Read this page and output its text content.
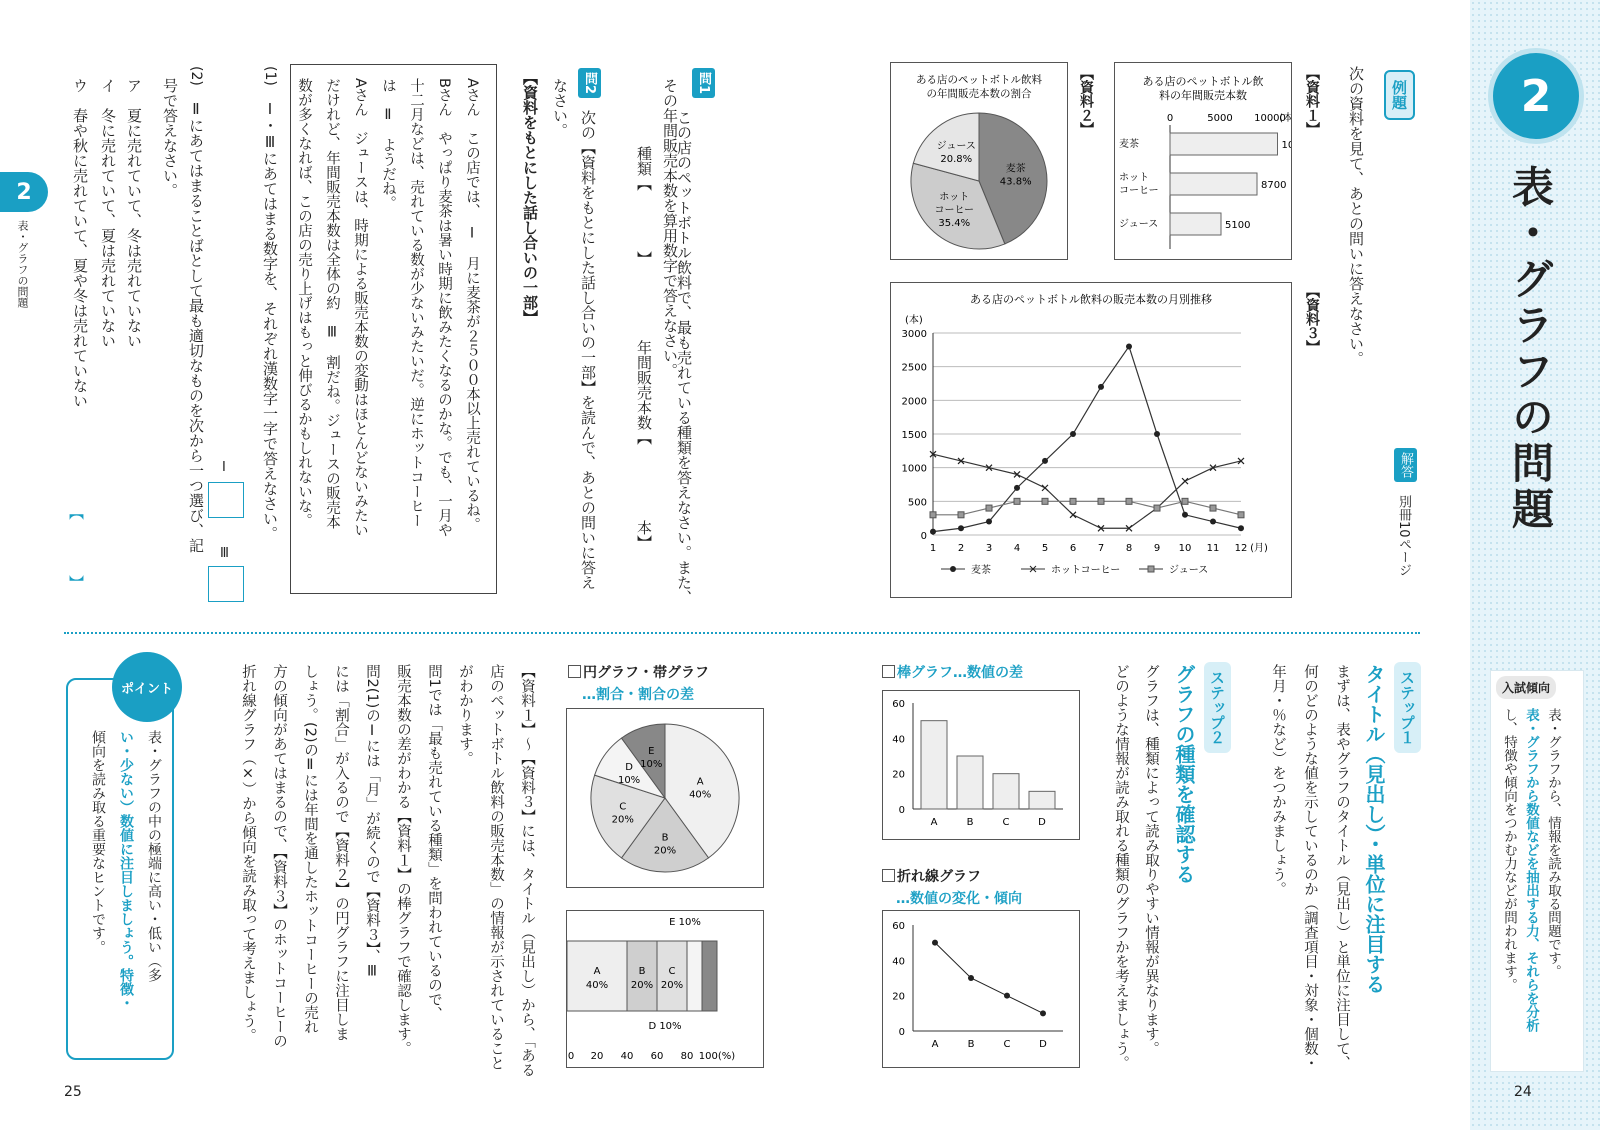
2
表・グラフの問題
解答
別冊10ページ
例題
次の資料を見て、あとの問いに答えなさい。
【資料１】
【資料２】
【資料３】
ある店のペットボトル飲
料の年間販売本数
0	5000 10000
(本
麦茶	1
ホット
コーヒー	8700
ジュース	5100
ある店のペットボトル飲料
の年間販売本数の割合
麦茶
43.8%
ホット
コーヒー
35.4%
ジュース
20.8%
ある店のペットボトル飲料の販売本数の月別推移
(本)
0
500
1000
1500
2000
2500
3000
1 2 3 4 5 6 7 8 9 10 11 12 (月)
麦茶	ホットコーヒー	ジュース
問1
この店のペットボトル飲料で、最も売れている種類を答えなさい。また、
その年間販売本数を算用数字で答えなさい。
種類【　　　　】
年間販売本数【　　　　　本】
問2
次の【資料をもとにした話し合いの一部】を読んで、あとの問いに答え
なさい。
【資料をもとにした話し合いの一部】
Aさん　この店では、　Ⅰ　月に麦茶が２５００本以上売れているね。
Bさん　やっぱり麦茶は暑い時期に飲みたくなるのかな。でも、一月や
十二月などは、売れている数が少ないみたいだ。逆にホットコーヒー
は　Ⅱ　ようだね。
Aさん　ジュースは、時期による販売本数の変動はほとんどないみたい
だけれど、年間販売本数は全体の約　Ⅲ　割だね。ジュースの販売本
数が多くなれば、この店の売り上げはもっと伸びるかもしれないな。
(1)
Ⅰ・Ⅲにあてはまる数字を、それぞれ漢数字一字で答えなさい。
Ⅰ
Ⅲ
(2)
Ⅱにあてはまることばとして最も適切なものを次から一つ選び、記
号で答えなさい。
【　】
ア　夏に売れていて、冬は売れていない
イ　冬に売れていて、夏は売れていない
ウ　春や秋に売れていて、夏や冬は売れていない
2
表・グラフの問題
入試傾向
表・グラフから、情報を読み取る問題です。
表・グラフから数値などを抽出する力、それらを分析
し、特徴や傾向をつかむ力などが問われます。
ステップ１
タイトル（見出し）・単位に注目する
まずは、表やグラフのタイトル（見出し）と単位に注目して、
何のどのような値を示しているのか（調査項目・対象・個数・
年月・％など）をつかみましょう。
ステップ２
グラフの種類を確認する
グラフは、種類によって読み取りやすい情報が異なります。
どのような情報が読み取れる種類のグラフかを考えましょう。
棒グラフ…数値の差
0
20
40
60
A	B	C	D
折れ線グラフ
…数値の変化・傾向
0
20
40
60
A	B	C	D
円グラフ・帯グラフ
…割合・割合の差
A
40%
B
20%
C
20%
D
10%
E
10%
A
40%
B
20%
C
20%
E 10%
D 10%
0 20 40 60 80 100(%)
【資料１】〜【資料３】には、タイトル（見出し）から、「ある
店のペットボトル飲料の販売本数」の情報が示されていること
がわかります。
問1では「最も売れている種類」を問われているので、
販売本数の差がわかる【資料１】の棒グラフで確認します。
問2(1)のⅠには「月」が続くので【資料３】、Ⅲ
には「割合」が入るので【資料２】の円グラフに注目しま
しょう。(2)のⅡには年間を通したホットコーヒーの売れ
方の傾向があてはまるので、【資料３】のホットコーヒーの
折れ線グラフ（×）から傾向を読み取って考えましょう。
ポイント
表・グラフの中の極端に高い・低い（多
い・少ない）数値に注目しましょう。特徴・
傾向を読み取る重要なヒントです。
25	24
